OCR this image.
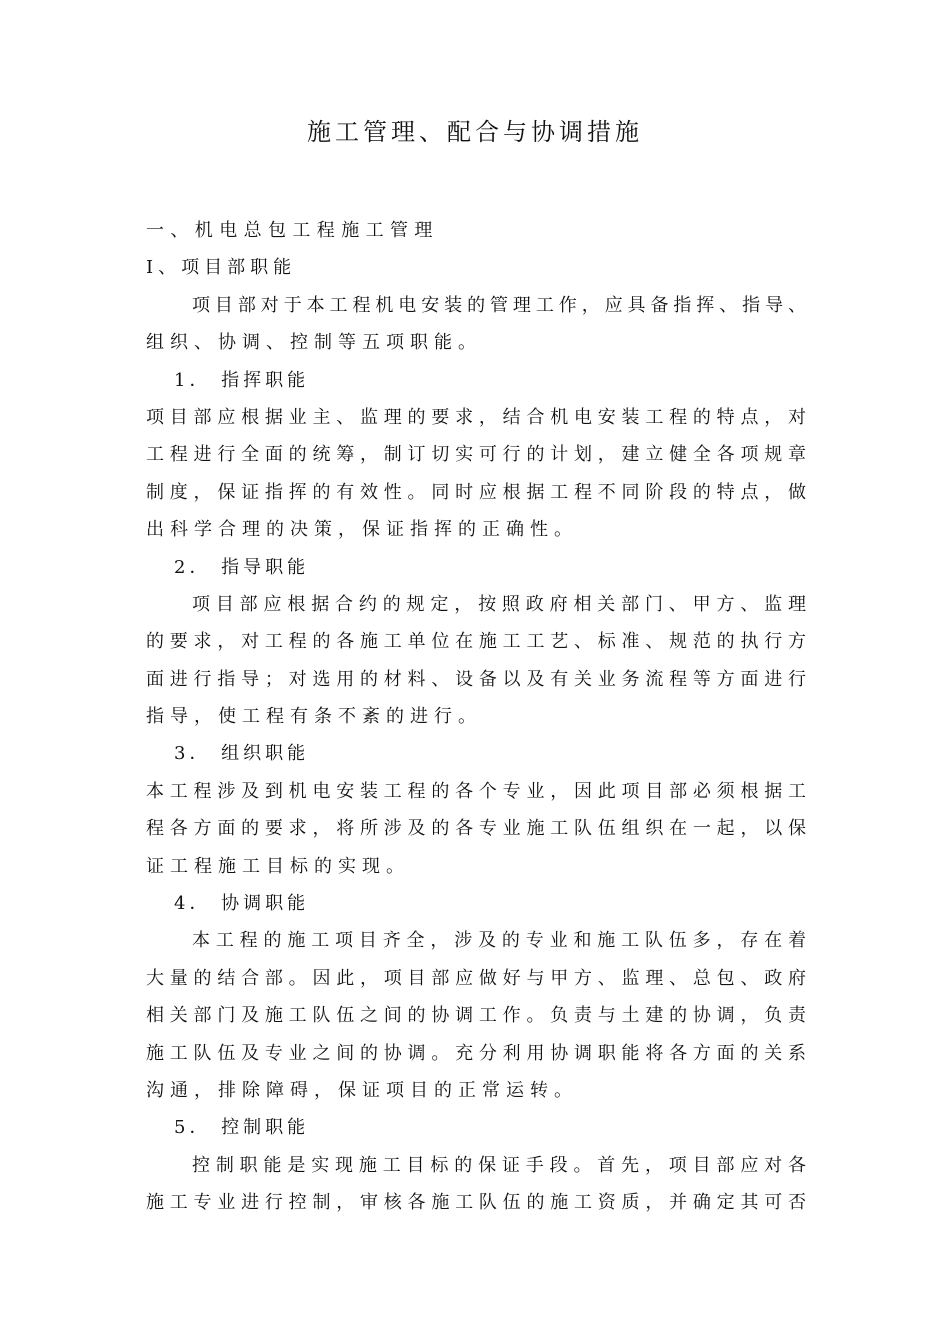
施工管理、配合与协调措施
一、机电总包工程施工管理
Ⅰ、项目部职能
项目部对于本工程机电安装的管理工作，应具备指挥、指导、
组织、协调、控制等五项职能。
1． 指挥职能
项目部应根据业主、监理的要求，结合机电安装工程的特点，对
工程进行全面的统筹，制订切实可行的计划，建立健全各项规章
制度，保证指挥的有效性。同时应根据工程不同阶段的特点，做
出科学合理的决策，保证指挥的正确性。
2． 指导职能
项目部应根据合约的规定，按照政府相关部门、甲方、监理
的要求，对工程的各施工单位在施工工艺、标准、规范的执行方
面进行指导；对选用的材料、设备以及有关业务流程等方面进行
指导，使工程有条不紊的进行。
3． 组织职能
本工程涉及到机电安装工程的各个专业，因此项目部必须根据工
程各方面的要求，将所涉及的各专业施工队伍组织在一起，以保
证工程施工目标的实现。
4． 协调职能
本工程的施工项目齐全，涉及的专业和施工队伍多，存在着
大量的结合部。因此，项目部应做好与甲方、监理、总包、政府
相关部门及施工队伍之间的协调工作。负责与土建的协调，负责
施工队伍及专业之间的协调。充分利用协调职能将各方面的关系
沟通，排除障碍，保证项目的正常运转。
5． 控制职能
控制职能是实现施工目标的保证手段。首先，项目部应对各
施工专业进行控制，审核各施工队伍的施工资质，并确定其可否
